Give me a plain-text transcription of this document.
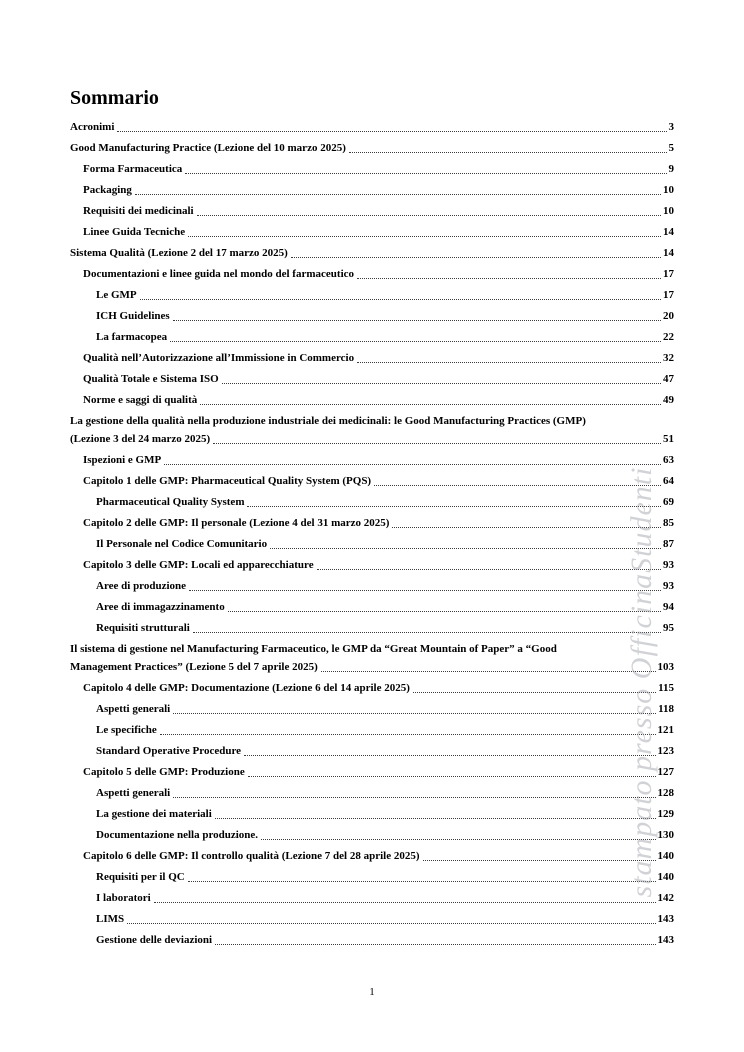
Sommario
Acronimi	3
Good Manufacturing Practice (Lezione del 10 marzo 2025)	5
Forma Farmaceutica	9
Packaging	10
Requisiti dei medicinali	10
Linee Guida Tecniche	14
Sistema Qualità (Lezione 2 del 17 marzo 2025)	14
Documentazioni e linee guida nel mondo del farmaceutico	17
Le GMP	17
ICH Guidelines	20
La farmacopea	22
Qualità nell’Autorizzazione all’Immissione in Commercio	32
Qualità Totale e Sistema ISO	47
Norme e saggi di qualità	49
La gestione della qualità nella produzione industriale dei medicinali: le Good Manufacturing Practices (GMP)
(Lezione 3 del 24 marzo 2025)	51
Ispezioni e GMP	63
Capitolo 1 delle GMP: Pharmaceutical Quality System (PQS)	64
Pharmaceutical Quality System	69
Capitolo 2 delle GMP: Il personale (Lezione 4 del 31 marzo 2025)	85
Il Personale nel Codice Comunitario	87
Capitolo 3 delle GMP: Locali ed apparecchiature	93
Aree di produzione	93
Aree di immagazzinamento	94
Requisiti strutturali	95
Il sistema di gestione nel Manufacturing Farmaceutico, le GMP da “Great Mountain of Paper” a “Good
Management Practices” (Lezione 5 del 7 aprile 2025)	103
Capitolo 4 delle GMP: Documentazione (Lezione 6 del 14 aprile 2025)	115
Aspetti generali	118
Le specifiche	121
Standard Operative Procedure	123
Capitolo 5 delle GMP: Produzione	127
Aspetti generali	128
La gestione dei materiali	129
Documentazione nella produzione.	130
Capitolo 6 delle GMP: Il controllo qualità (Lezione 7 del 28 aprile 2025)	140
Requisiti per il QC	140
I laboratori	142
LIMS	143
Gestione delle deviazioni	143
stampato presso OfficinaStudenti
1
